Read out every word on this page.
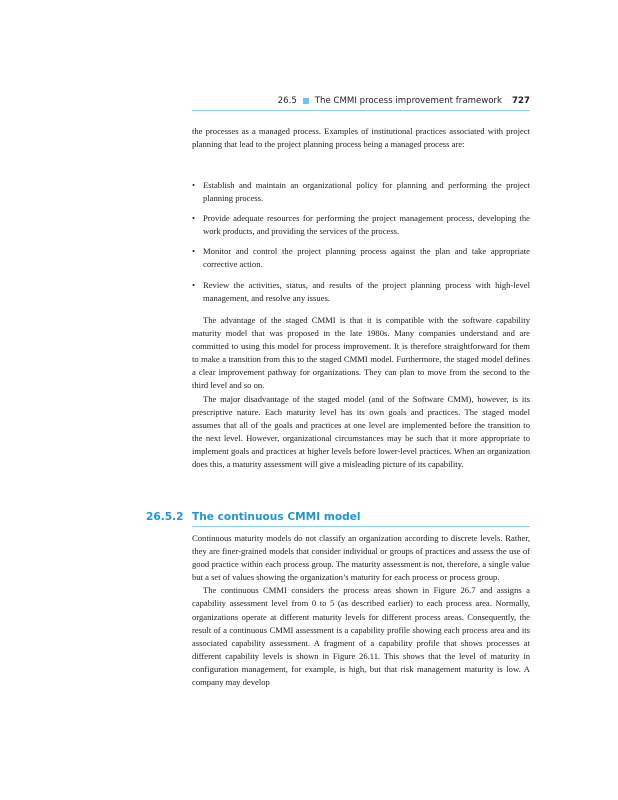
26.5 The CMMI process improvement framework 727

the processes as a managed process. Examples of institutional practices associated with project planning that lead to the project planning process being a managed process are:

• Establish and maintain an organizational policy for planning and performing the project planning process.
• Provide adequate resources for performing the project management process, developing the work products, and providing the services of the process.
• Monitor and control the project planning process against the plan and take appropriate corrective action.
• Review the activities, status, and results of the project planning process with high-level management, and resolve any issues.

The advantage of the staged CMMI is that it is compatible with the software capability maturity model that was proposed in the late 1980s. Many companies understand and are committed to using this model for process improvement. It is therefore straightforward for them to make a transition from this to the staged CMMI model. Furthermore, the staged model defines a clear improvement pathway for organizations. They can plan to move from the second to the third level and so on.

The major disadvantage of the staged model (and of the Software CMM), however, is its prescriptive nature. Each maturity level has its own goals and practices. The staged model assumes that all of the goals and practices at one level are implemented before the transition to the next level. However, organizational circumstances may be such that it more appropriate to implement goals and practices at higher levels before lower-level practices. When an organization does this, a maturity assessment will give a misleading picture of its capability.

26.5.2 The continuous CMMI model

Continuous maturity models do not classify an organization according to discrete levels. Rather, they are finer-grained models that consider individual or groups of practices and assess the use of good practice within each process group. The maturity assessment is not, therefore, a single value but a set of values showing the organization’s maturity for each process or process group.

The continuous CMMI considers the process areas shown in Figure 26.7 and assigns a capability assessment level from 0 to 5 (as described earlier) to each process area. Normally, organizations operate at different maturity levels for different process areas. Consequently, the result of a continuous CMMI assessment is a capability profile showing each process area and its associated capability assessment. A fragment of a capability profile that shows processes at different capability levels is shown in Figure 26.11. This shows that the level of maturity in configuration management, for example, is high, but that risk management maturity is low. A company may develop
